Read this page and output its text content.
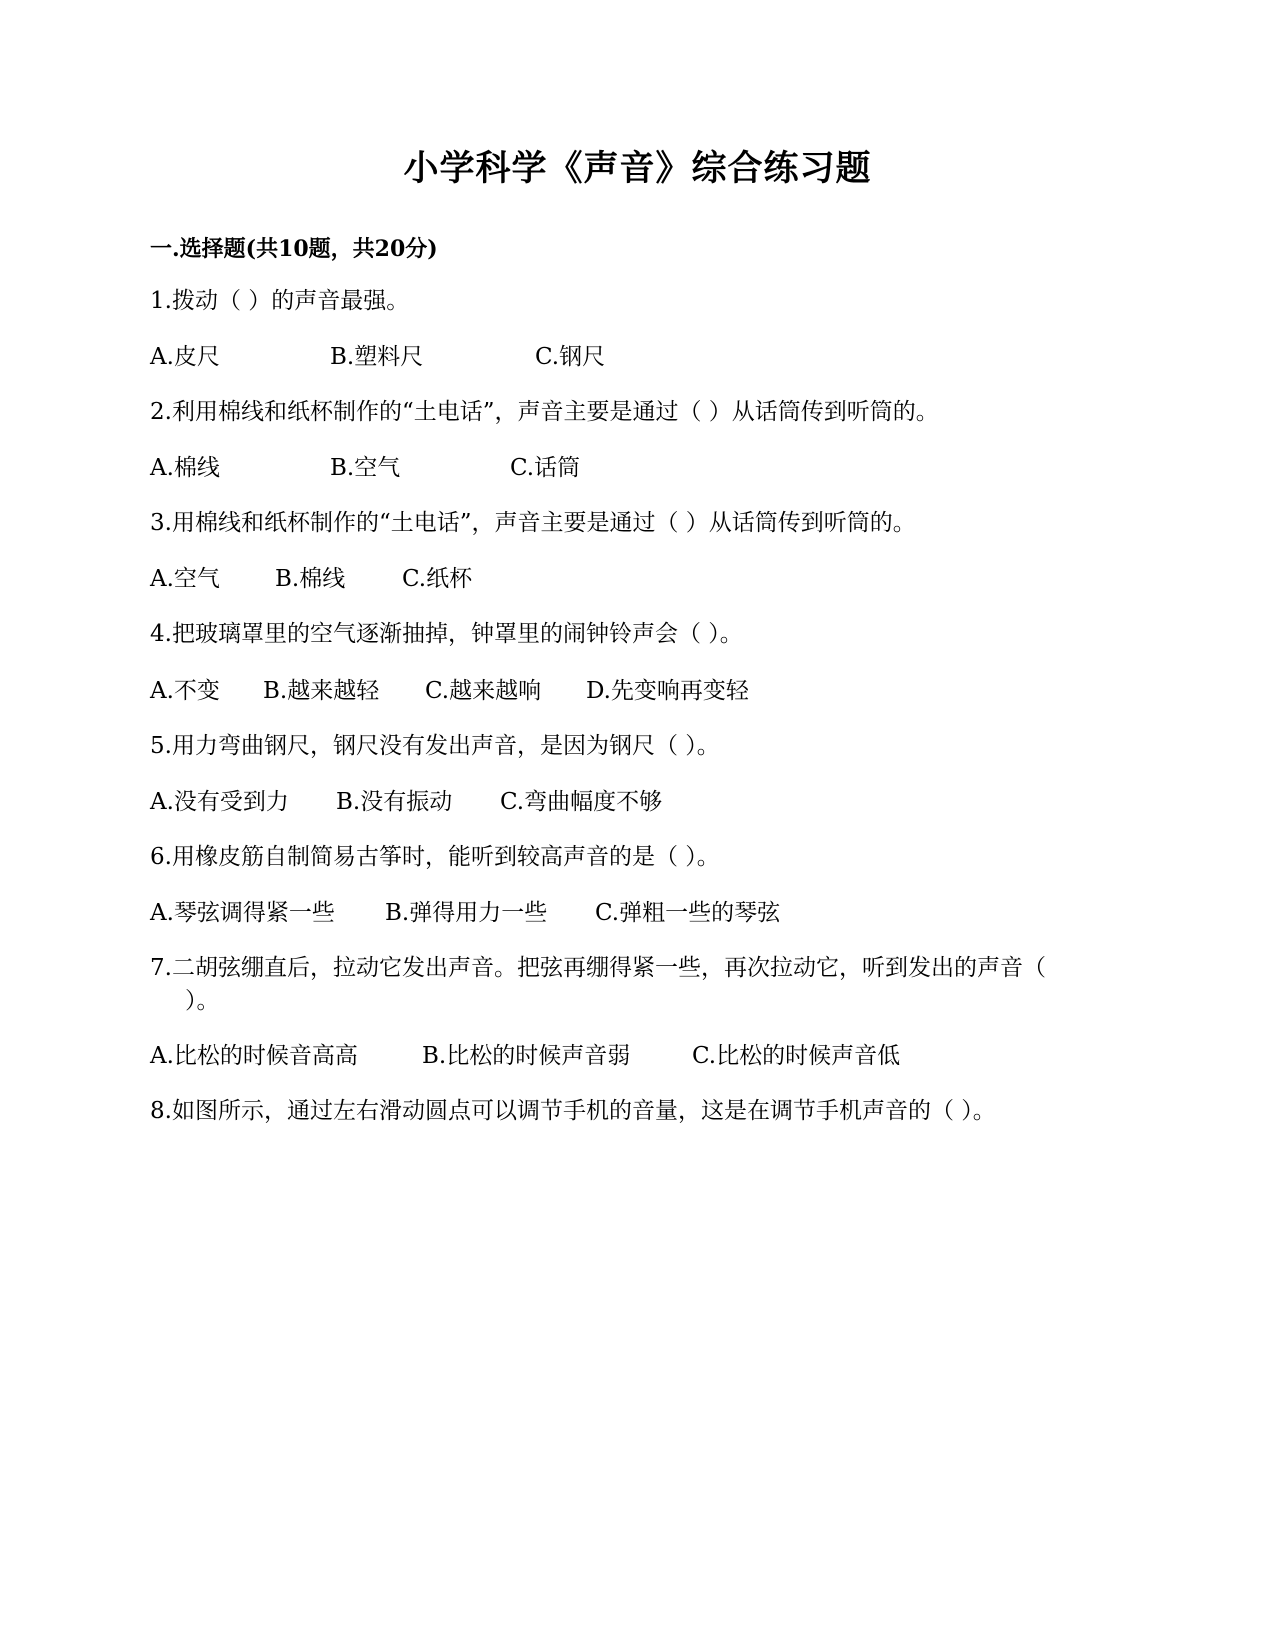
小学科学《声音》综合练习题
一.选择题(共10题，共20分)
1.拨动（ ）的声音最强。
A.皮尺	B.塑料尺	C.钢尺
2.利用棉线和纸杯制作的“土电话”，声音主要是通过（ ）从话筒传到听筒的。
A.棉线	B.空气	C.话筒
3.用棉线和纸杯制作的“土电话”，声音主要是通过（ ）从话筒传到听筒的。
A.空气 B.棉线 C.纸杯
4.把玻璃罩里的空气逐渐抽掉，钟罩里的闹钟铃声会（ ）。
A.不变 B.越来越轻 C.越来越响 D.先变响再变轻
5.用力弯曲钢尺，钢尺没有发出声音，是因为钢尺（ ）。
A.没有受到力 B.没有振动 C.弯曲幅度不够
6.用橡皮筋自制简易古筝时，能听到较高声音的是（ ）。
A.琴弦调得紧一些 B.弹得用力一些 C.弹粗一些的琴弦
7.二胡弦绷直后，拉动它发出声音。把弦再绷得紧一些，再次拉动它，听到发出的声音（
）。
A.比松的时候音高高	B.比松的时候声音弱	C.比松的时候声音低
8.如图所示，通过左右滑动圆点可以调节手机的音量，这是在调节手机声音的（ ）。
